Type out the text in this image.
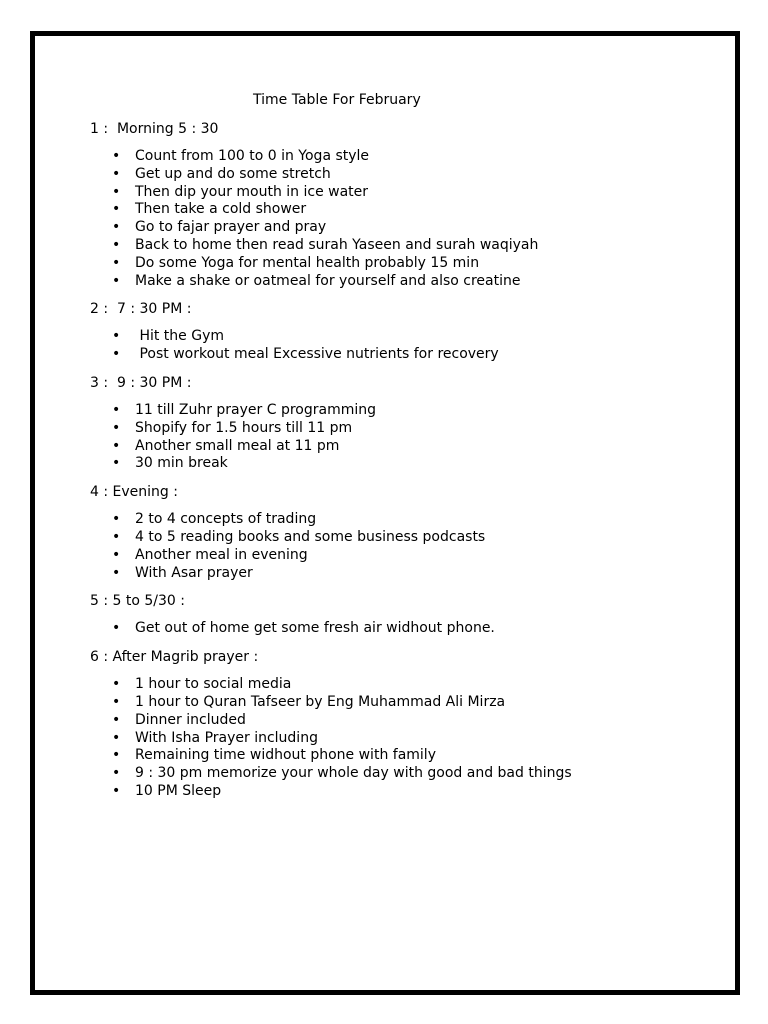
Time Table For February

1 :  Morning 5 : 30

• Count from 100 to 0 in Yoga style
• Get up and do some stretch
• Then dip your mouth in ice water
• Then take a cold shower
• Go to fajar prayer and pray
• Back to home then read surah Yaseen and surah waqiyah
• Do some Yoga for mental health probably 15 min
• Make a shake or oatmeal for yourself and also creatine

2 :  7 : 30 PM :

• Hit the Gym
• Post workout meal Excessive nutrients for recovery

3 :  9 : 30 PM :

• 11 till Zuhr prayer C programming
• Shopify for 1.5 hours till 11 pm
• Another small meal at 11 pm
• 30 min break

4 : Evening :

• 2 to 4 concepts of trading
• 4 to 5 reading books and some business podcasts
• Another meal in evening
• With Asar prayer

5 : 5 to 5/30 :

• Get out of home get some fresh air widhout phone.

6 : After Magrib prayer :

• 1 hour to social media
• 1 hour to Quran Tafseer by Eng Muhammad Ali Mirza
• Dinner included
• With Isha Prayer including
• Remaining time widhout phone with family
• 9 : 30 pm memorize your whole day with good and bad things
• 10 PM Sleep
